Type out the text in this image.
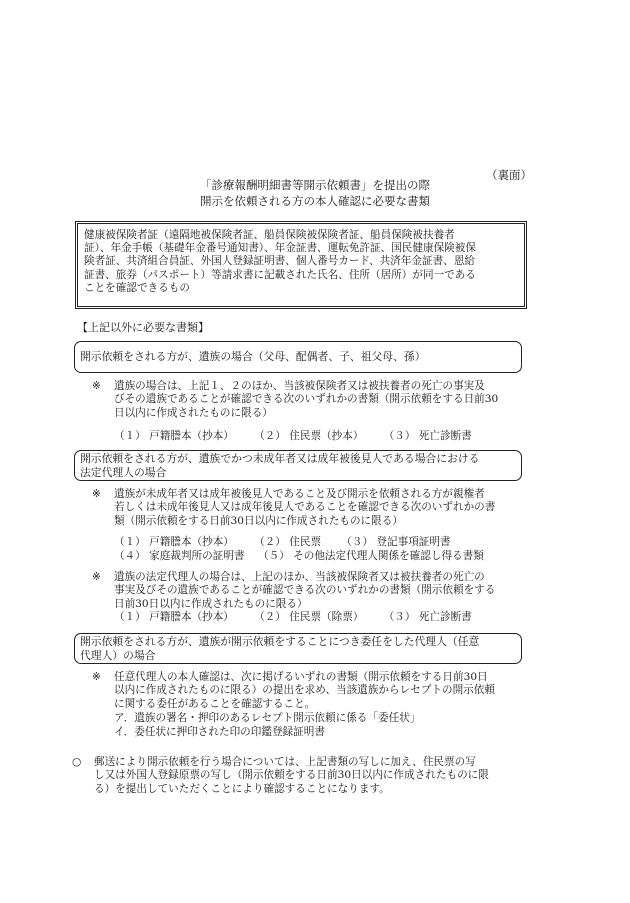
（裏面）
「診療報酬明細書等開示依頼書」を提出の際
開示を依頼される方の本人確認に必要な書類
健康被保険者証（遠隔地被保険者証、船員保険被保険者証、船員保険被扶養者
証）、年金手帳（基礎年金番号通知書）、年金証書、運転免許証、国民健康保険被保
険者証、共済組合員証、外国人登録証明書、個人番号カード、共済年金証書、恩給
証書、旅券（パスポート）等請求書に記載された氏名、住所（居所）が同一である
ことを確認できるもの
【上記以外に必要な書類】
開示依頼をされる方が、遺族の場合（父母、配偶者、子、祖父母、孫）
※ 遺族の場合は、上記１、２のほか、当該被保険者又は被扶養者の死亡の事実及
びその遺族であることが確認できる次のいずれかの書類（開示依頼をする日前30
日以内に作成されたものに限る）
（１） 戸籍謄本（抄本） （２） 住民票（抄本） （３） 死亡診断書
開示依頼をされる方が、遺族でかつ未成年者又は成年被後見人である場合における
法定代理人の場合
※ 遺族が未成年者又は成年被後見人であること及び開示を依頼される方が親権者
若しくは未成年後見人又は成年後見人であることを確認できる次のいずれかの書
類（開示依頼をする日前30日以内に作成されたものに限る）
（１） 戸籍謄本（抄本） （２） 住民票 （３） 登記事項証明書
（４） 家庭裁判所の証明書 （５） その他法定代理人関係を確認し得る書類
※ 遺族の法定代理人の場合は、上記のほか、当該被保険者又は被扶養者の死亡の
事実及びその遺族であることが確認できる次のいずれかの書類（開示依頼をする
日前30日以内に作成されたものに限る）
（１） 戸籍謄本（抄本） （２） 住民票（除票） （３） 死亡診断書
開示依頼をされる方が、遺族が開示依頼をすることにつき委任をした代理人（任意
代理人）の場合
※ 任意代理人の本人確認は、次に掲げるいずれの書類（開示依頼をする日前30日
以内に作成されたものに限る）の提出を求め、当該遺族からレセプトの開示依頼
に関する委任があることを確認すること。
ア．遺族の署名・押印のあるレセプト開示依頼に係る「委任状」
イ．委任状に押印された印の印鑑登録証明書
○ 郵送により開示依頼を行う場合については、上記書類の写しに加え、住民票の写
し又は外国人登録原票の写し（開示依頼をする日前30日以内に作成されたものに限
る）を提出していただくことにより確認することになります。
